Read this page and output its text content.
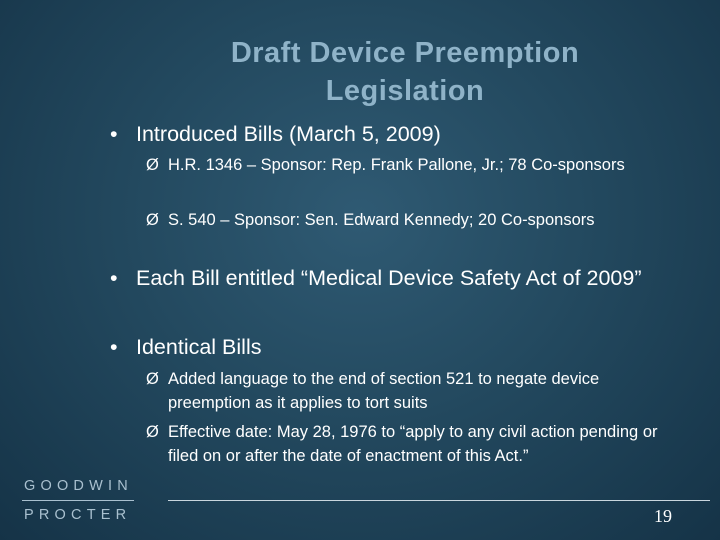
Draft Device Preemption
Legislation
• Introduced Bills (March 5, 2009)
Ø H.R. 1346 – Sponsor: Rep. Frank Pallone, Jr.; 78 Co-sponsors
Ø S. 540 – Sponsor: Sen. Edward Kennedy; 20 Co-sponsors
• Each Bill entitled “Medical Device Safety Act of 2009”
• Identical Bills
Ø Added language to the end of section 521 to negate device preemption as it applies to tort suits
Ø Effective date: May 28, 1976 to “apply to any civil action pending or filed on or after the date of enactment of this Act.”
GOODWIN
PROCTER	19
